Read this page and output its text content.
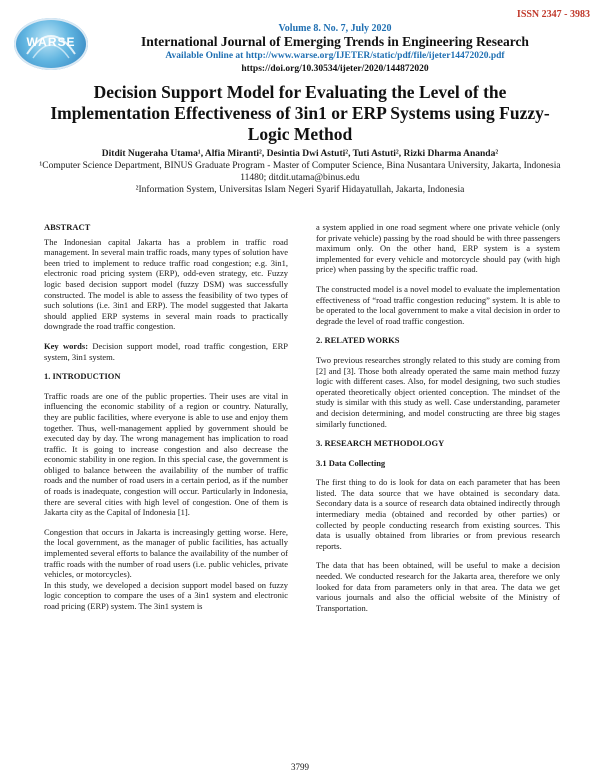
ISSN 2347 - 3983
WARSE
Volume 8. No. 7, July 2020
International Journal of Emerging Trends in Engineering Research
Available Online at http://www.warse.org/IJETER/static/pdf/file/ijeter14472020.pdf
https://doi.org/10.30534/ijeter/2020/144872020
Decision Support Model for Evaluating the Level of the Implementation Effectiveness of 3in1 or ERP Systems using Fuzzy-Logic Method
Ditdit Nugeraha Utama¹, Alfia Miranti², Desintia Dwi Astuti², Tuti Astuti², Rizki Dharma Ananda²
¹Computer Science Department, BINUS Graduate Program - Master of Computer Science, Bina Nusantara University, Jakarta, Indonesia 11480; ditdit.utama@binus.edu
²Information System, Universitas Islam Negeri Syarif Hidayatullah, Jakarta, Indonesia
ABSTRACT

The Indonesian capital Jakarta has a problem in traffic road management. In several main traffic roads, many types of solution have been tried to implement to reduce traffic road congestion; e.g. 3in1, electronic road pricing system (ERP), odd-even strategy, etc. Fuzzy logic based decision support model (fuzzy DSM) was successfully constructed. The model is able to assess the feasibility of two types of such solutions (i.e. 3in1 and ERP). The model suggested that Jakarta should applied ERP systems in several main roads to practically downgrade the road traffic congestion.

Key words: Decision support model, road traffic congestion, ERP system, 3in1 system.

1. INTRODUCTION

Traffic roads are one of the public properties. Their uses are vital in influencing the economic stability of a region or country. Naturally, they are public facilities, where everyone is able to use and enjoy them together. Thus, well-management applied by government should be executed day by day. The wrong management has implication to road traffic. It is going to increase congestion and also decrease the economic stability in one region. In this special case, the government is obliged to balance between the availability of the number of traffic roads and the number of road users in a certain period, as if the number of roads is inadequate, congestion will occur. Particularly in Indonesia, there are several cities with high level of congestion. One of them is Jakarta city as the Capital of Indonesia [1].

Congestion that occurs in Jakarta is increasingly getting worse. Here, the local government, as the manager of public facilities, has actually implemented several efforts to balance the availability of the number of traffic roads with the number of road users (i.e. public vehicles, private vehicles, or motorcycles).

In this study, we developed a decision support model based on fuzzy logic conception to compare the uses of a 3in1 system and electronic road pricing (ERP) system. The 3in1 system is

a system applied in one road segment where one private vehicle (only for private vehicle) passing by the road should be with three passengers maximum only. On the other hand, ERP system is a system implemented for every vehicle and motorcycle should pay (with high price) when passing by the specific traffic road.

The constructed model is a novel model to evaluate the implementation effectiveness of “road traffic congestion reducing” system. It is able to be operated to the local government to make a vital decision in order to degrade the level of road traffic congestion.

2. RELATED WORKS

Two previous researches strongly related to this study are coming from [2] and [3]. Those both already operated the same main method fuzzy logic with different cases. Also, for model designing, two such studies operated theoretically object oriented conception. The mindset of the study is similar with this study as well. Case understanding, parameter and decision determining, and model constructing are three big stages similarly functioned.

3. RESEARCH METHODOLOGY
3.1 Data Collecting

The first thing to do is look for data on each parameter that has been listed. The data source that we have obtained is secondary data. Secondary data is a source of research data obtained indirectly through intermediary media (obtained and recorded by other parties) or collected by people conducting research from existing sources. This data is usually obtained from libraries or from previous research reports.

The data that has been obtained, will be useful to make a decision needed. We conducted research for the Jakarta area, therefore we only looked for data from parameters only in that area. The data we get various journals and also the official website of the Ministry of Transportation.

3799
